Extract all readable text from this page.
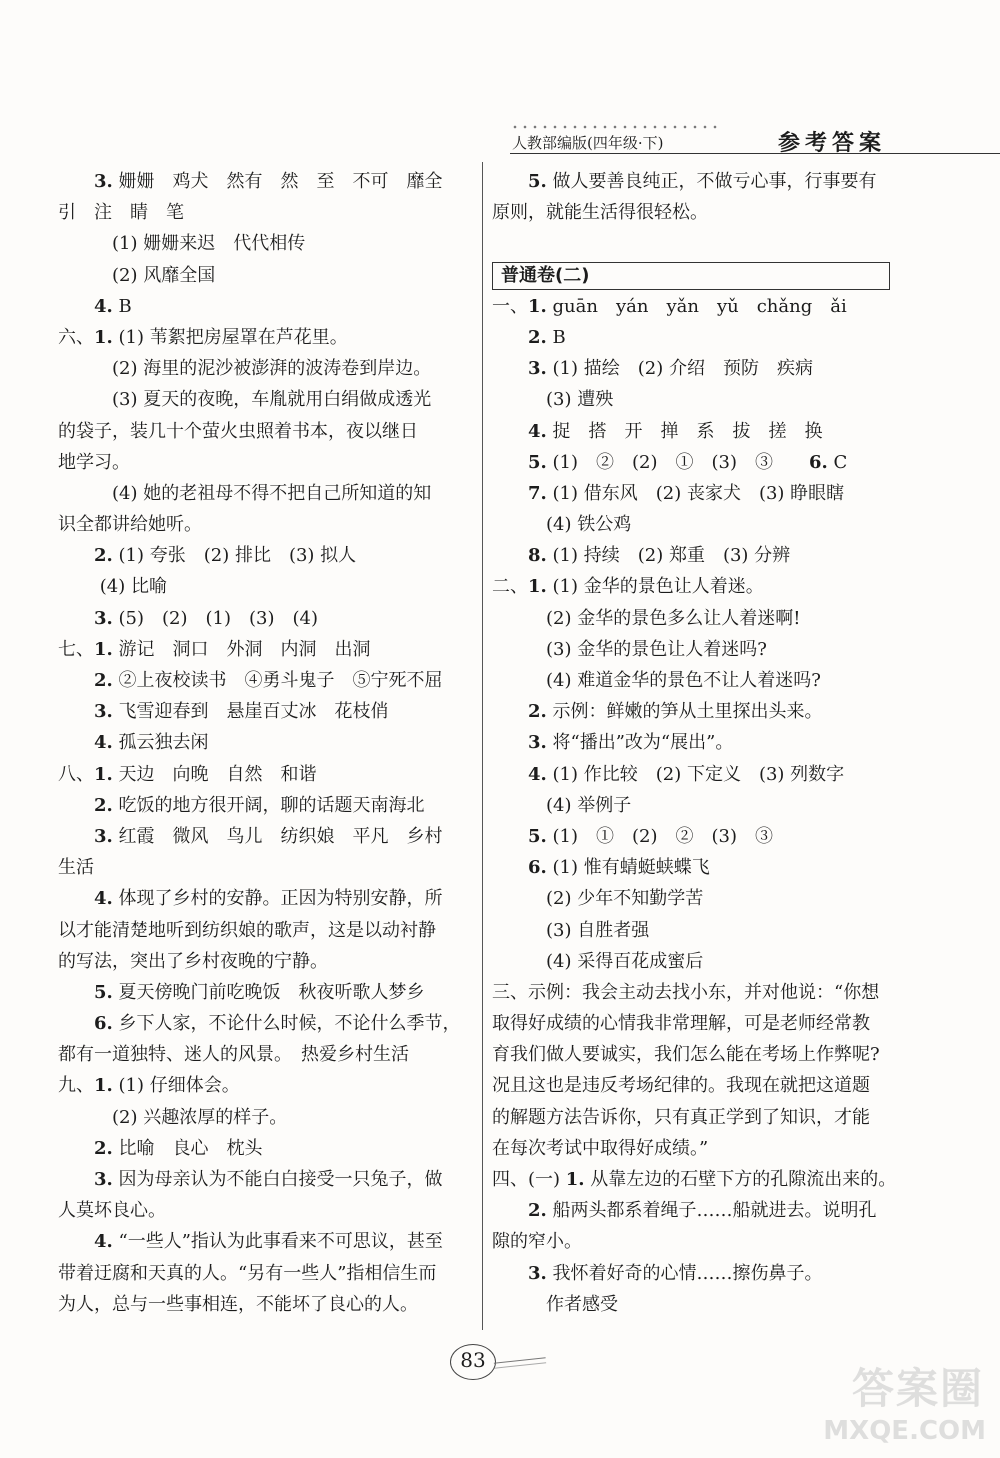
人教部编版(四年级·下)	参考答案
　　3. 姗姗　鸡犬　然有　然　至　不可　靡全
引　注　睛　笔
　　　(1) 姗姗来迟　代代相传
　　　(2) 风靡全国
　　4. B
六、1. (1) 苇絮把房屋罩在芦花里。
　　　(2) 海里的泥沙被澎湃的波涛卷到岸边。
　　　(3) 夏天的夜晚，车胤就用白绢做成透光
的袋子，装几十个萤火虫照着书本，夜以继日
地学习。
　　　(4) 她的老祖母不得不把自己所知道的知
识全都讲给她听。
　　2. (1) 夸张　(2) 排比　(3) 拟人
　　 (4) 比喻
　　3. (5)　(2)　(1)　(3)　(4)
七、1. 游记　洞口　外洞　内洞　出洞
　　2. ②上夜校读书　④勇斗鬼子　⑤宁死不屈
　　3. 飞雪迎春到　悬崖百丈冰　花枝俏
　　4. 孤云独去闲
八、1. 天边　向晚　自然　和谐
　　2. 吃饭的地方很开阔，聊的话题天南海北
　　3. 红霞　微风　鸟儿　纺织娘　平凡　乡村
生活
　　4. 体现了乡村的安静。正因为特别安静，所
以才能清楚地听到纺织娘的歌声，这是以动衬静
的写法，突出了乡村夜晚的宁静。
　　5. 夏天傍晚门前吃晚饭　秋夜听歌人梦乡
　　6. 乡下人家，不论什么时候，不论什么季节，
都有一道独特、迷人的风景。　热爱乡村生活
九、1. (1) 仔细体会。
　　　(2) 兴趣浓厚的样子。
　　2. 比喻　良心　枕头
　　3. 因为母亲认为不能白白接受一只兔子，做
人莫坏良心。
　　4. “一些人”指认为此事看来不可思议，甚至
带着迂腐和天真的人。“另有一些人”指相信生而
为人，总与一些事相连，不能坏了良心的人。
　　5. 做人要善良纯正，不做亏心事，行事要有
原则，就能生活得很轻松。
普通卷(二)
一、1. guān　yán　yǎn　yǔ　chǎng　ǎi
　　2. B
　　3. (1) 描绘　(2) 介绍　预防　疾病
　　　(3) 遭殃
　　4. 捉　搭　开　掸　系　拔　搓　换
　　5. (1)　②　(2)　①　(3)　③　　6. C
　　7. (1) 借东风　(2) 丧家犬　(3) 睁眼瞎
　　　(4) 铁公鸡
　　8. (1) 持续　(2) 郑重　(3) 分辨
二、1. (1) 金华的景色让人着迷。
　　　(2) 金华的景色多么让人着迷啊!
　　　(3) 金华的景色让人着迷吗?
　　　(4) 难道金华的景色不让人着迷吗?
　　2. 示例：鲜嫩的笋从土里探出头来。
　　3. 将“播出”改为“展出”。
　　4. (1) 作比较　(2) 下定义　(3) 列数字
　　　(4) 举例子
　　5. (1)　①　(2)　②　(3)　③
　　6. (1) 惟有蜻蜓蛱蝶飞
　　　(2) 少年不知勤学苦
　　　(3) 自胜者强
　　　(4) 采得百花成蜜后
三、示例：我会主动去找小东，并对他说：“你想
取得好成绩的心情我非常理解，可是老师经常教
育我们做人要诚实，我们怎么能在考场上作弊呢?
况且这也是违反考场纪律的。我现在就把这道题
的解题方法告诉你，只有真正学到了知识，才能
在每次考试中取得好成绩。”
四、(一) 1. 从靠左边的石壁下方的孔隙流出来的。
　　2. 船两头都系着绳子……船就进去。说明孔
隙的窄小。
　　3. 我怀着好奇的心情……擦伤鼻子。
　　　作者感受
83
答案圈
MXQE.COM
